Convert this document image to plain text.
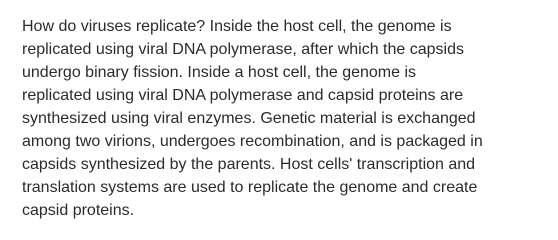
How do viruses replicate? Inside the host cell, the genome is
replicated using viral DNA polymerase, after which the capsids
undergo binary fission. Inside a host cell, the genome is
replicated using viral DNA polymerase and capsid proteins are
synthesized using viral enzymes. Genetic material is exchanged
among two virions, undergoes recombination, and is packaged in
capsids synthesized by the parents. Host cells' transcription and
translation systems are used to replicate the genome and create
capsid proteins.
